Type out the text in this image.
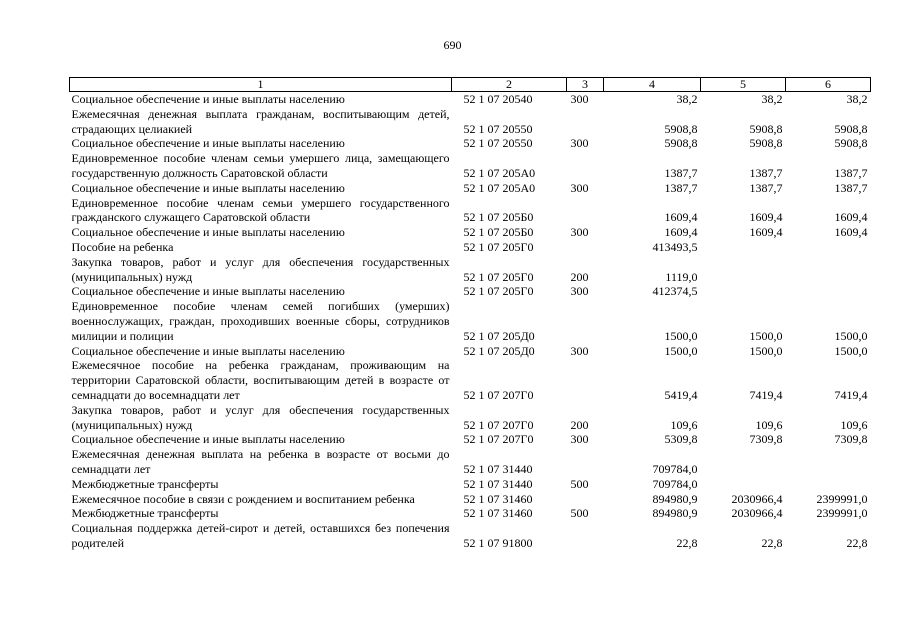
690
1	2	3	4	5	6
Социальное обеспечение и иные выплаты населению	52 1 07 20540	300	38,2	38,2	38,2
Ежемесячная денежная выплата гражданам, воспитывающим детей, страдающих целиакией	52 1 07 20550		5908,8	5908,8	5908,8
Социальное обеспечение и иные выплаты населению	52 1 07 20550	300	5908,8	5908,8	5908,8
Единовременное пособие членам семьи умершего лица, замещающего государственную должность Саратовской области	52 1 07 205А0		1387,7	1387,7	1387,7
Социальное обеспечение и иные выплаты населению	52 1 07 205А0	300	1387,7	1387,7	1387,7
Единовременное пособие членам семьи умершего государственного гражданского служащего Саратовской области	52 1 07 205Б0		1609,4	1609,4	1609,4
Социальное обеспечение и иные выплаты населению	52 1 07 205Б0	300	1609,4	1609,4	1609,4
Пособие на ребенка	52 1 07 205Г0		413493,5		
Закупка товаров, работ и услуг для обеспечения государственных (муниципальных) нужд	52 1 07 205Г0	200	1119,0		
Социальное обеспечение и иные выплаты населению	52 1 07 205Г0	300	412374,5		
Единовременное пособие членам семей погибших (умерших) военнослужащих, граждан, проходивших военные сборы, сотрудников милиции и полиции	52 1 07 205Д0		1500,0	1500,0	1500,0
Социальное обеспечение и иные выплаты населению	52 1 07 205Д0	300	1500,0	1500,0	1500,0
Ежемесячное пособие на ребенка гражданам, проживающим на территории Саратовской области, воспитывающим детей в возрасте от семнадцати до восемнадцати лет	52 1 07 207Г0		5419,4	7419,4	7419,4
Закупка товаров, работ и услуг для обеспечения государственных (муниципальных) нужд	52 1 07 207Г0	200	109,6	109,6	109,6
Социальное обеспечение и иные выплаты населению	52 1 07 207Г0	300	5309,8	7309,8	7309,8
Ежемесячная денежная выплата на ребенка в возрасте от восьми до семнадцати лет	52 1 07 31440		709784,0		
Межбюджетные трансферты	52 1 07 31440	500	709784,0		
Ежемесячное пособие в связи с рождением и воспитанием ребенка	52 1 07 31460		894980,9	2030966,4	2399991,0
Межбюджетные трансферты	52 1 07 31460	500	894980,9	2030966,4	2399991,0
Социальная поддержка детей-сирот и детей, оставшихся без попечения родителей	52 1 07 91800		22,8	22,8	22,8
